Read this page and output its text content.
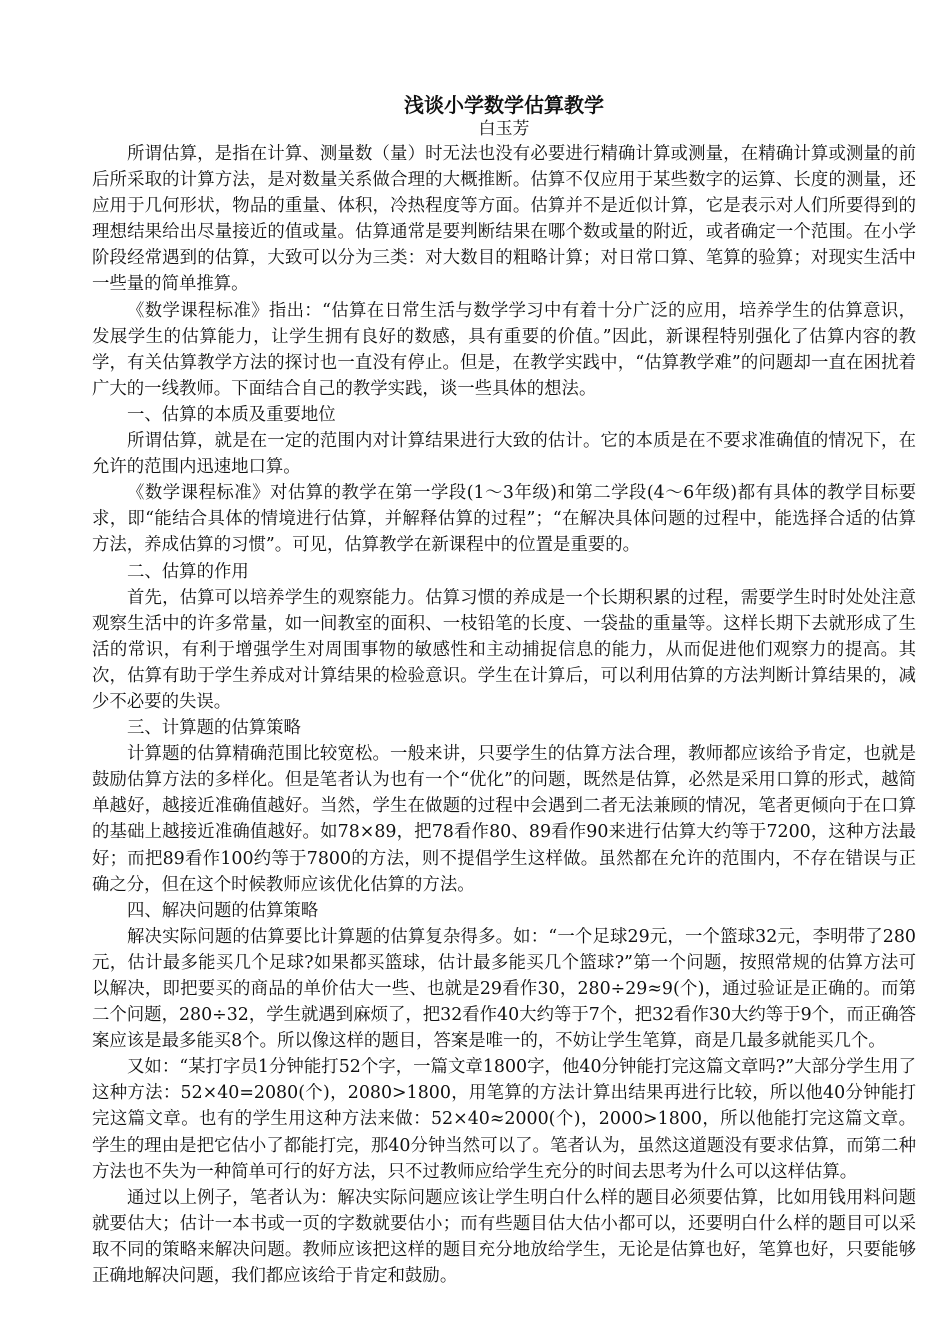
浅谈小学数学估算教学
白玉芳

所谓估算，是指在计算、测量数（量）时无法也没有必要进行精确计算或测量，在精确计算或测量的前后所采取的计算方法，是对数量关系做合理的大概推断。估算不仅应用于某些数字的运算、长度的测量，还应用于几何形状，物品的重量、体积，冷热程度等方面。估算并不是近似计算，它是表示对人们所要得到的理想结果给出尽量接近的值或量。估算通常是要判断结果在哪个数或量的附近，或者确定一个范围。在小学阶段经常遇到的估算，大致可以分为三类：对大数目的粗略计算；对日常口算、笔算的验算；对现实生活中一些量的简单推算。

《数学课程标准》指出：“估算在日常生活与数学学习中有着十分广泛的应用，培养学生的估算意识，发展学生的估算能力，让学生拥有良好的数感，具有重要的价值。”因此，新课程特别强化了估算内容的教学，有关估算教学方法的探讨也一直没有停止。但是，在教学实践中，“估算教学难”的问题却一直在困扰着广大的一线教师。下面结合自己的教学实践，谈一些具体的想法。

一、估算的本质及重要地位

所谓估算，就是在一定的范围内对计算结果进行大致的估计。它的本质是在不要求准确值的情况下，在允许的范围内迅速地口算。

《数学课程标准》对估算的教学在第一学段(1～3年级)和第二学段(4～6年级)都有具体的教学目标要求，即“能结合具体的情境进行估算，并解释估算的过程”；“在解决具体问题的过程中，能选择合适的估算方法，养成估算的习惯”。可见，估算教学在新课程中的位置是重要的。

二、估算的作用

首先，估算可以培养学生的观察能力。估算习惯的养成是一个长期积累的过程，需要学生时时处处注意观察生活中的许多常量，如一间教室的面积、一枝铅笔的长度、一袋盐的重量等。这样长期下去就形成了生活的常识，有利于增强学生对周围事物的敏感性和主动捕捉信息的能力，从而促进他们观察力的提高。其次，估算有助于学生养成对计算结果的检验意识。学生在计算后，可以利用估算的方法判断计算结果的，减少不必要的失误。

三、计算题的估算策略

计算题的估算精确范围比较宽松。一般来讲，只要学生的估算方法合理，教师都应该给予肯定，也就是鼓励估算方法的多样化。但是笔者认为也有一个“优化”的问题，既然是估算，必然是采用口算的形式，越简单越好，越接近准确值越好。当然，学生在做题的过程中会遇到二者无法兼顾的情况，笔者更倾向于在口算的基础上越接近准确值越好。如78×89，把78看作80、89看作90来进行估算大约等于7200，这种方法最好；而把89看作100约等于7800的方法，则不提倡学生这样做。虽然都在允许的范围内，不存在错误与正确之分，但在这个时候教师应该优化估算的方法。

四、解决问题的估算策略

解决实际问题的估算要比计算题的估算复杂得多。如：“一个足球29元，一个篮球32元，李明带了280元，估计最多能买几个足球?如果都买篮球，估计最多能买几个篮球?”第一个问题，按照常规的估算方法可以解决，即把要买的商品的单价估大一些、也就是29看作30，280÷29≈9(个)，通过验证是正确的。而第二个问题，280÷32，学生就遇到麻烦了，把32看作40大约等于7个，把32看作30大约等于9个，而正确答案应该是最多能买8个。所以像这样的题目，答案是唯一的，不妨让学生笔算，商是几最多就能买几个。

又如：“某打字员1分钟能打52个字，一篇文章1800字，他40分钟能打完这篇文章吗?”大部分学生用了这种方法：52×40=2080(个)，2080>1800，用笔算的方法计算出结果再进行比较，所以他40分钟能打完这篇文章。也有的学生用这种方法来做：52×40≈2000(个)，2000>1800，所以他能打完这篇文章。学生的理由是把它估小了都能打完，那40分钟当然可以了。笔者认为，虽然这道题没有要求估算，而第二种方法也不失为一种简单可行的好方法，只不过教师应给学生充分的时间去思考为什么可以这样估算。

通过以上例子，笔者认为：解决实际问题应该让学生明白什么样的题目必须要估算，比如用钱用料问题就要估大；估计一本书或一页的字数就要估小；而有些题目估大估小都可以，还要明白什么样的题目可以采取不同的策略来解决问题。教师应该把这样的题目充分地放给学生，无论是估算也好，笔算也好，只要能够正确地解决问题，我们都应该给于肯定和鼓励。
